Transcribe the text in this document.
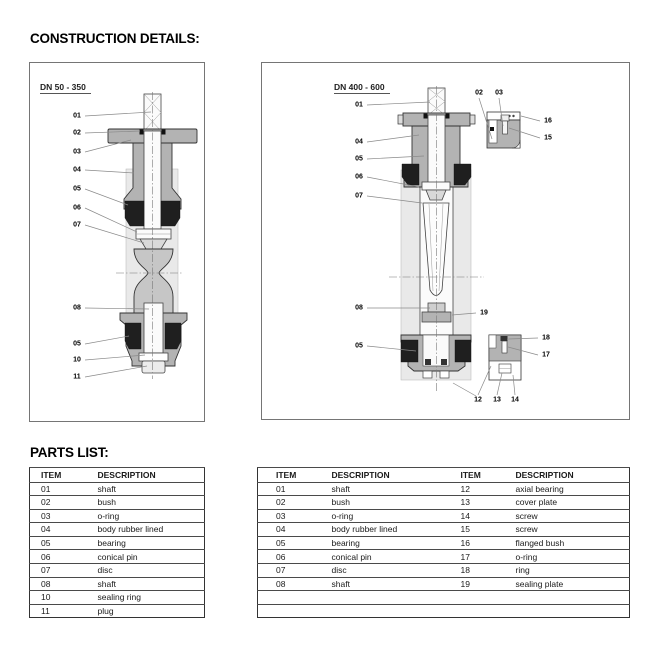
CONSTRUCTION DETAILS:
01
02
03
04
05
06
07
08
05
10
11
DN 50 - 350
01
04
05
06
07
08
05
02 03
16
15
19
18
17
12 13 14
DN 400 - 600
PARTS LIST:
ITEM	DESCRIPTION
01	shaft
02	bush
03	o-ring
04	body rubber lined
05	bearing
06	conical pin
07	disc
08	shaft
10	sealing ring
11	plug
ITEM	DESCRIPTION	ITEM	DESCRIPTION
01	shaft	12	axial bearing
02	bush	13	cover plate
03	o-ring	14	screw
04	body rubber lined	15	screw
05	bearing	16	flanged bush
06	conical pin	17	o-ring
07	disc	18	ring
08	shaft	19	sealing plate
